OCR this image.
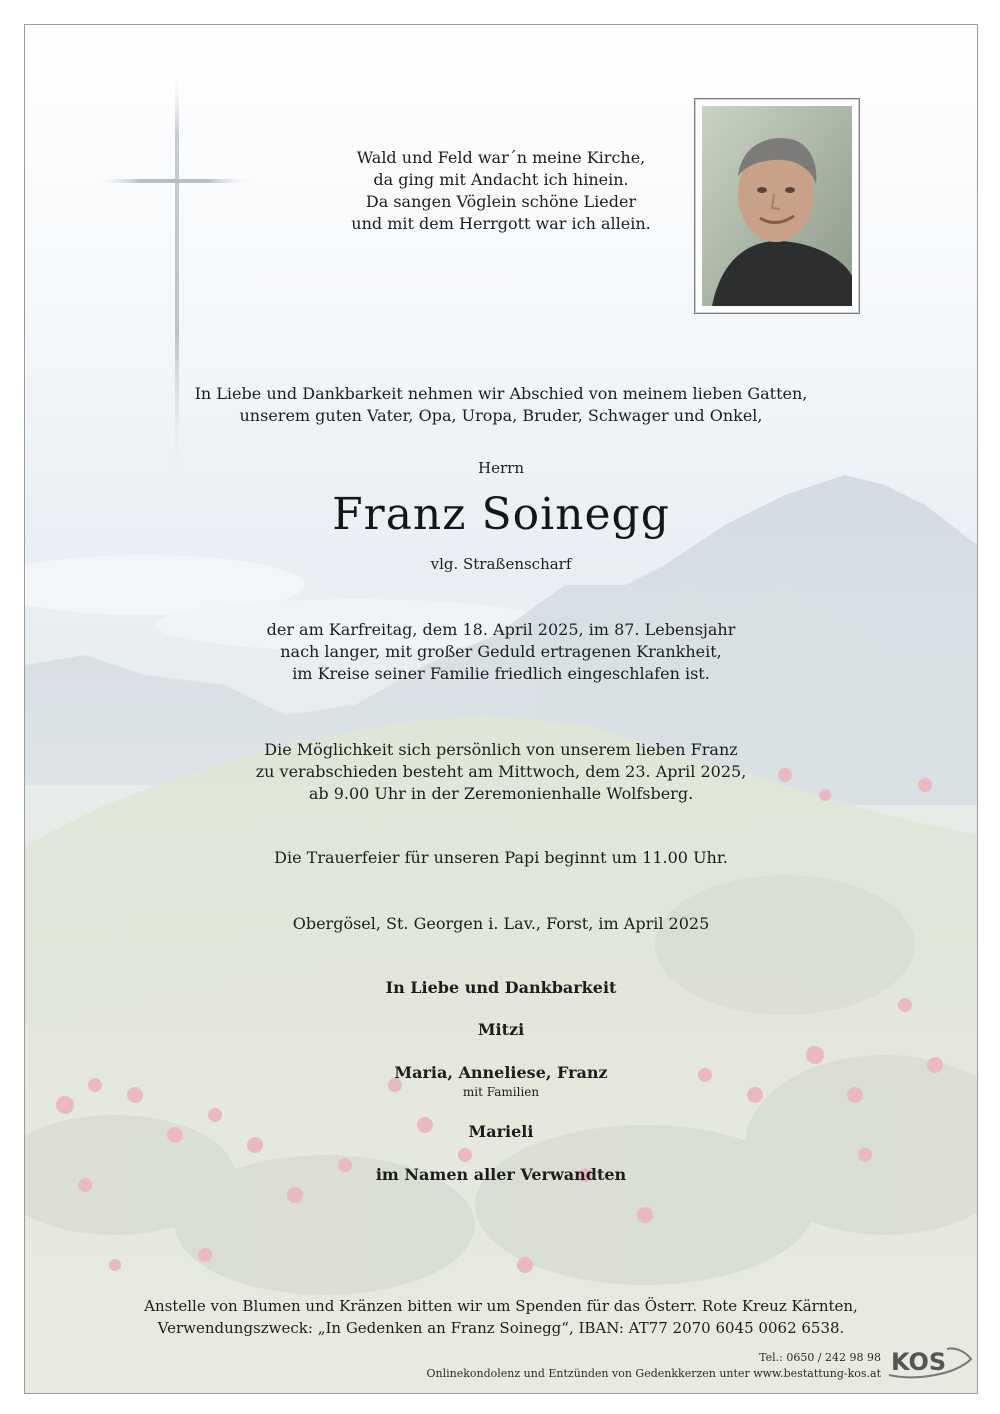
Wald und Feld war´n meine Kirche,
da ging mit Andacht ich hinein.
Da sangen Vöglein schöne Lieder
und mit dem Herrgott war ich allein.
In Liebe und Dankbarkeit nehmen wir Abschied von meinem lieben Gatten,
unserem guten Vater, Opa, Uropa, Bruder, Schwager und Onkel,
Herrn
Franz Soinegg
vlg. Straßenscharf
der am Karfreitag, dem 18. April 2025, im 87. Lebensjahr
nach langer, mit großer Geduld ertragenen Krankheit,
im Kreise seiner Familie friedlich eingeschlafen ist.
Die Möglichkeit sich persönlich von unserem lieben Franz
zu verabschieden besteht am Mittwoch, dem 23. April 2025,
ab 9.00 Uhr in der Zeremonienhalle Wolfsberg.
Die Trauerfeier für unseren Papi beginnt um 11.00 Uhr.
Obergösel, St. Georgen i. Lav., Forst, im April 2025
In Liebe und Dankbarkeit
Mitzi
Maria, Anneliese, Franz
mit Familien
Marieli
im Namen aller Verwandten
Anstelle von Blumen und Kränzen bitten wir um Spenden für das Österr. Rote Kreuz Kärnten,
Verwendungszweck: „In Gedenken an Franz Soinegg“, IBAN: AT77 2070 6045 0062 6538.
Tel.: 0650 / 242 98 98
Onlinekondolenz und Entzünden von Gedenkkerzen unter www.bestattung-kos.at KOS
